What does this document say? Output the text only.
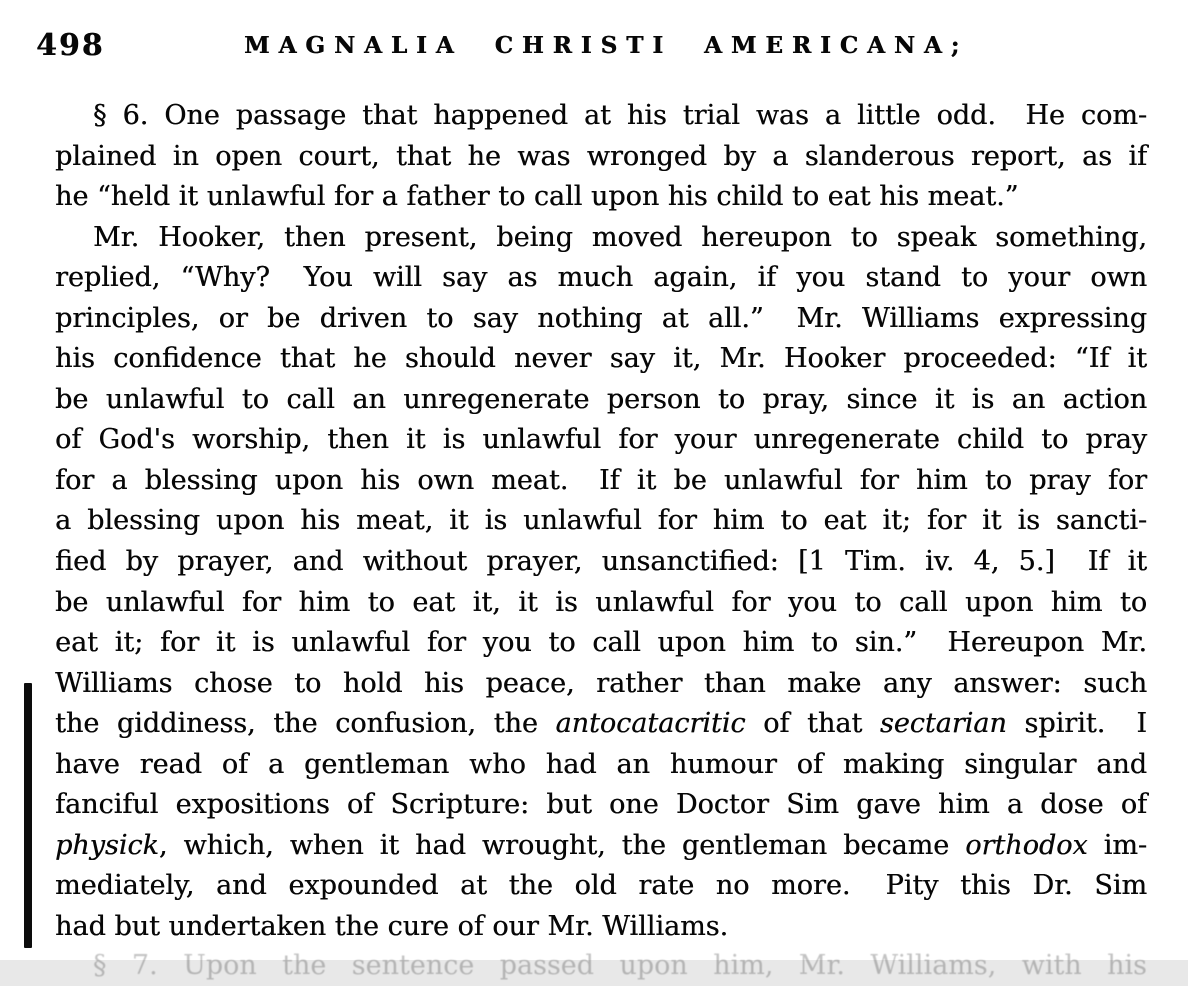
498	MAGNALIA CHRISTI AMERICANA;
§ 6. One passage that happened at his trial was a little odd.  He com-
plained in open court, that he was wronged by a slanderous report, as if
he “held it unlawful for a father to call upon his child to eat his meat.”
Mr. Hooker, then present, being moved hereupon to speak something,
replied, “Why?  You will say as much again, if you stand to your own
principles, or be driven to say nothing at all.”  Mr. Williams expressing
his confidence that he should never say it, Mr. Hooker proceeded: “If it
be unlawful to call an unregenerate person to pray, since it is an action
of God's worship, then it is unlawful for your unregenerate child to pray
for a blessing upon his own meat.  If it be unlawful for him to pray for
a blessing upon his meat, it is unlawful for him to eat it; for it is sancti-
fied by prayer, and without prayer, unsanctified: [1 Tim. iv. 4, 5.]  If it
be unlawful for him to eat it, it is unlawful for you to call upon him to
eat it; for it is unlawful for you to call upon him to sin.”  Hereupon Mr.
Williams chose to hold his peace, rather than make any answer: such
the giddiness, the confusion, the antocatacritic of that sectarian spirit.  I
have read of a gentleman who had an humour of making singular and
fanciful expositions of Scripture: but one Doctor Sim gave him a dose of
physick, which, when it had wrought, the gentleman became orthodox im-
mediately, and expounded at the old rate no more.  Pity this Dr. Sim
had but undertaken the cure of our Mr. Williams.
§ 7. Upon the sentence passed upon him, Mr. Williams, with his
